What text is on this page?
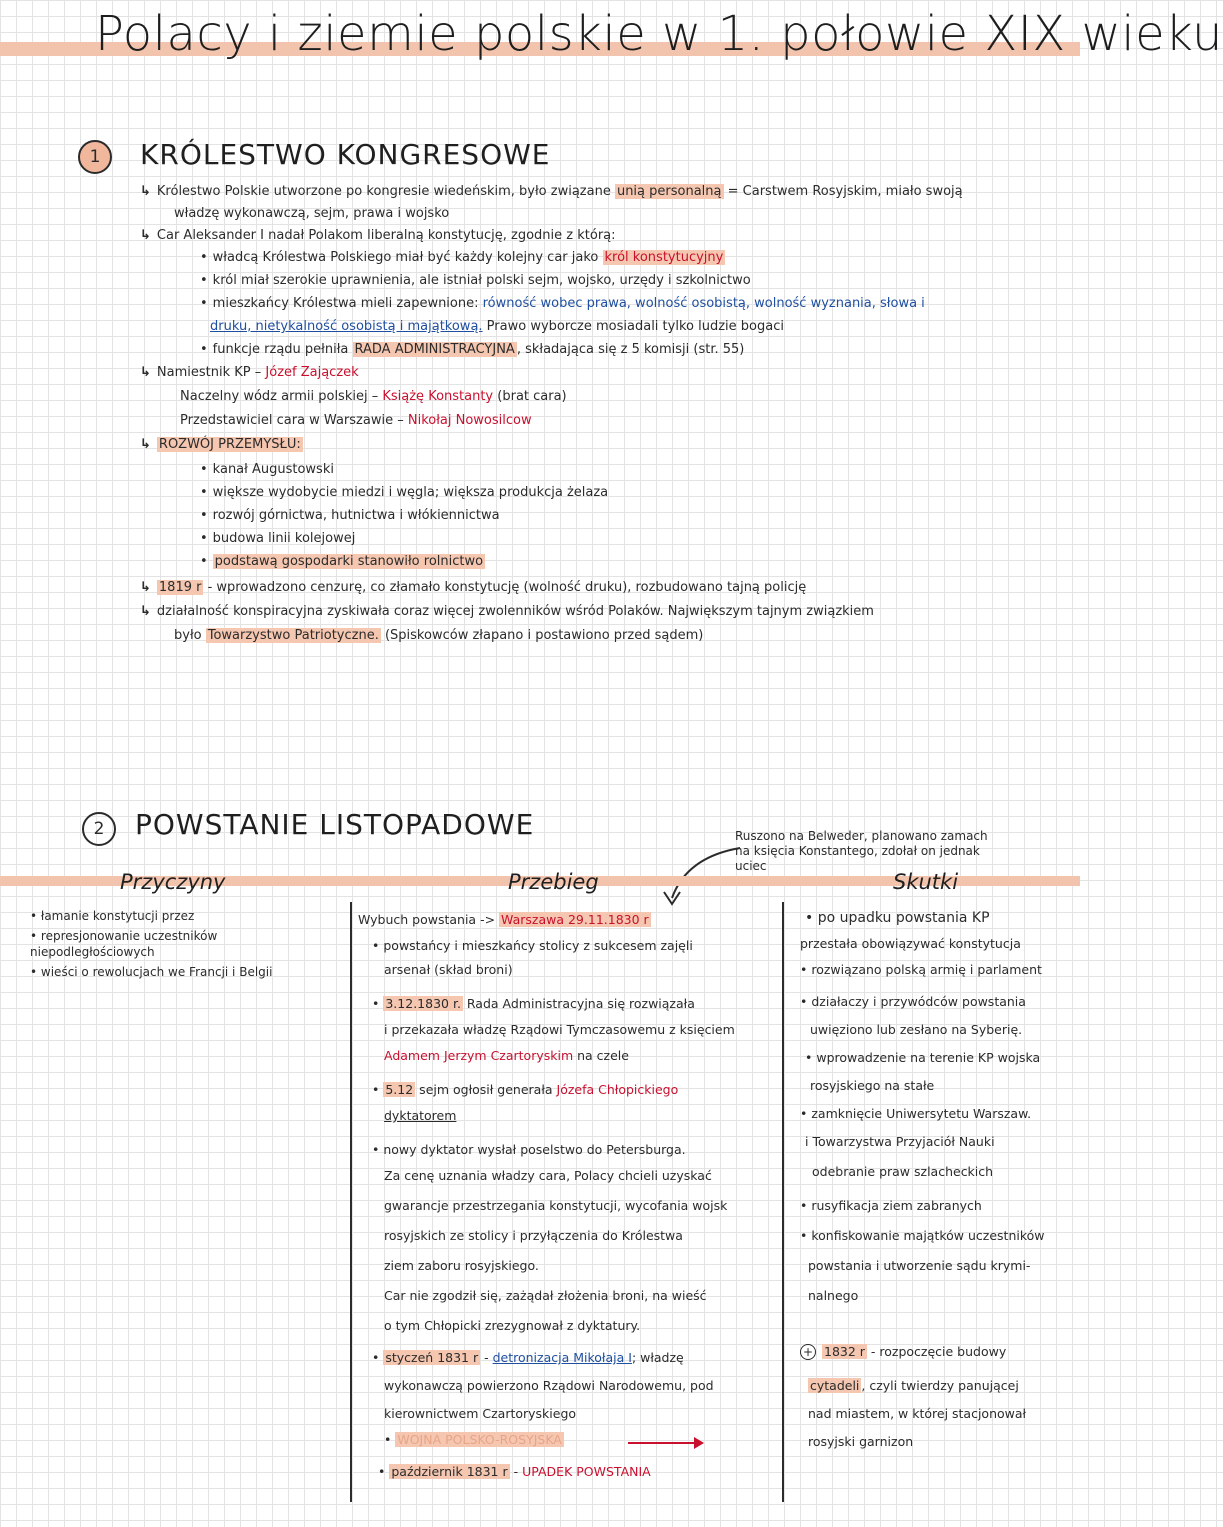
Polacy i ziemie polskie w 1. połowie XIX wieku
1	KRÓLESTWO KONGRESOWE
↳ Królestwo Polskie utworzone po kongresie wiedeńskim, było związane unią personalną = Carstwem Rosyjskim, miało swoją
władzę wykonawczą, sejm, prawa i wojsko
↳ Car Aleksander I nadał Polakom liberalną konstytucję, zgodnie z którą:
• władcą Królestwa Polskiego miał być każdy kolejny car jako król konstytucyjny
• król miał szerokie uprawnienia, ale istniał polski sejm, wojsko, urzędy i szkolnictwo
• mieszkańcy Królestwa mieli zapewnione: równość wobec prawa, wolność osobistą, wolność wyznania, słowa i
druku, nietykalność osobistą i majątkową. Prawo wyborcze mosiadali tylko ludzie bogaci
• funkcje rządu pełniła RADA ADMINISTRACYJNA , składająca się z 5 komisji (str. 55)
↳ Namiestnik KP – Józef Zajączek
Naczelny wódz armii polskiej – Książę Konstanty (brat cara)
Przedstawiciel cara w Warszawie – Nikołaj Nowosilcow
↳ ROZWÓJ PRZEMYSŁU:
• kanał Augustowski
• większe wydobycie miedzi i węgla; większa produkcja żelaza
• rozwój górnictwa, hutnictwa i włókiennictwa
• budowa linii kolejowej
• podstawą gospodarki stanowiło rolnictwo
↳ 1819 r - wprowadzono cenzurę, co złamało konstytucję (wolność druku), rozbudowano tajną policję
↳ działalność konspiracyjna zyskiwała coraz więcej zwolenników wśród Polaków. Największym tajnym związkiem
było Towarzystwo Patriotyczne. (Spiskowców złapano i postawiono przed sądem)
2	POWSTANIE LISTOPADOWE	Ruszono na Belweder, planowano zamach
na księcia Konstantego, zdołał on jednak
uciec
Przyczyny	Przebieg	Skutki
• łamanie konstytucji przez
• represjonowanie uczestników niepodległościowych
• wieści o rewolucjach we Francji i Belgii
Wybuch powstania -> Warszawa 29.11.1830 r
• powstańcy i mieszkańcy stolicy z sukcesem zajęli
arsenał (skład broni)
• 3.12.1830 r. Rada Administracyjna się rozwiązała
i przekazała władzę Rządowi Tymczasowemu z księciem
Adamem Jerzym Czartoryskim na czele
• 5.12 sejm ogłosił generała Józefa Chłopickiego
dyktatorem
• nowy dyktator wysłał poselstwo do Petersburga.
Za cenę uznania władzy cara, Polacy chcieli uzyskać
gwarancje przestrzegania konstytucji, wycofania wojsk
rosyjskich ze stolicy i przyłączenia do Królestwa
ziem zaboru rosyjskiego.
Car nie zgodził się, zażądał złożenia broni, na wieść
o tym Chłopicki zrezygnował z dyktatury.
• styczeń 1831 r - detronizacja Mikołaja I; władzę
wykonawczą powierzono Rządowi Narodowemu, pod
kierownictwem Czartoryskiego
• WOJNA POLSKO-ROSYJSKA
• październik 1831 r - UPADEK POWSTANIA
• po upadku powstania KP
przestała obowiązywać konstytucja
• rozwiązano polską armię i parlament
• działaczy i przywódców powstania
uwięziono lub zesłano na Syberię.
• wprowadzenie na terenie KP wojska
rosyjskiego na stałe
• zamknięcie Uniwersytetu Warszaw.
i Towarzystwa Przyjaciół Nauki
odebranie praw szlacheckich
• rusyfikacja ziem zabranych
• konfiskowanie majątków uczestników
powstania i utworzenie sądu krymi-
nalnego
+ 1832 r - rozpoczęcie budowy
cytadeli , czyli twierdzy panującej
nad miastem, w której stacjonował
rosyjski garnizon
